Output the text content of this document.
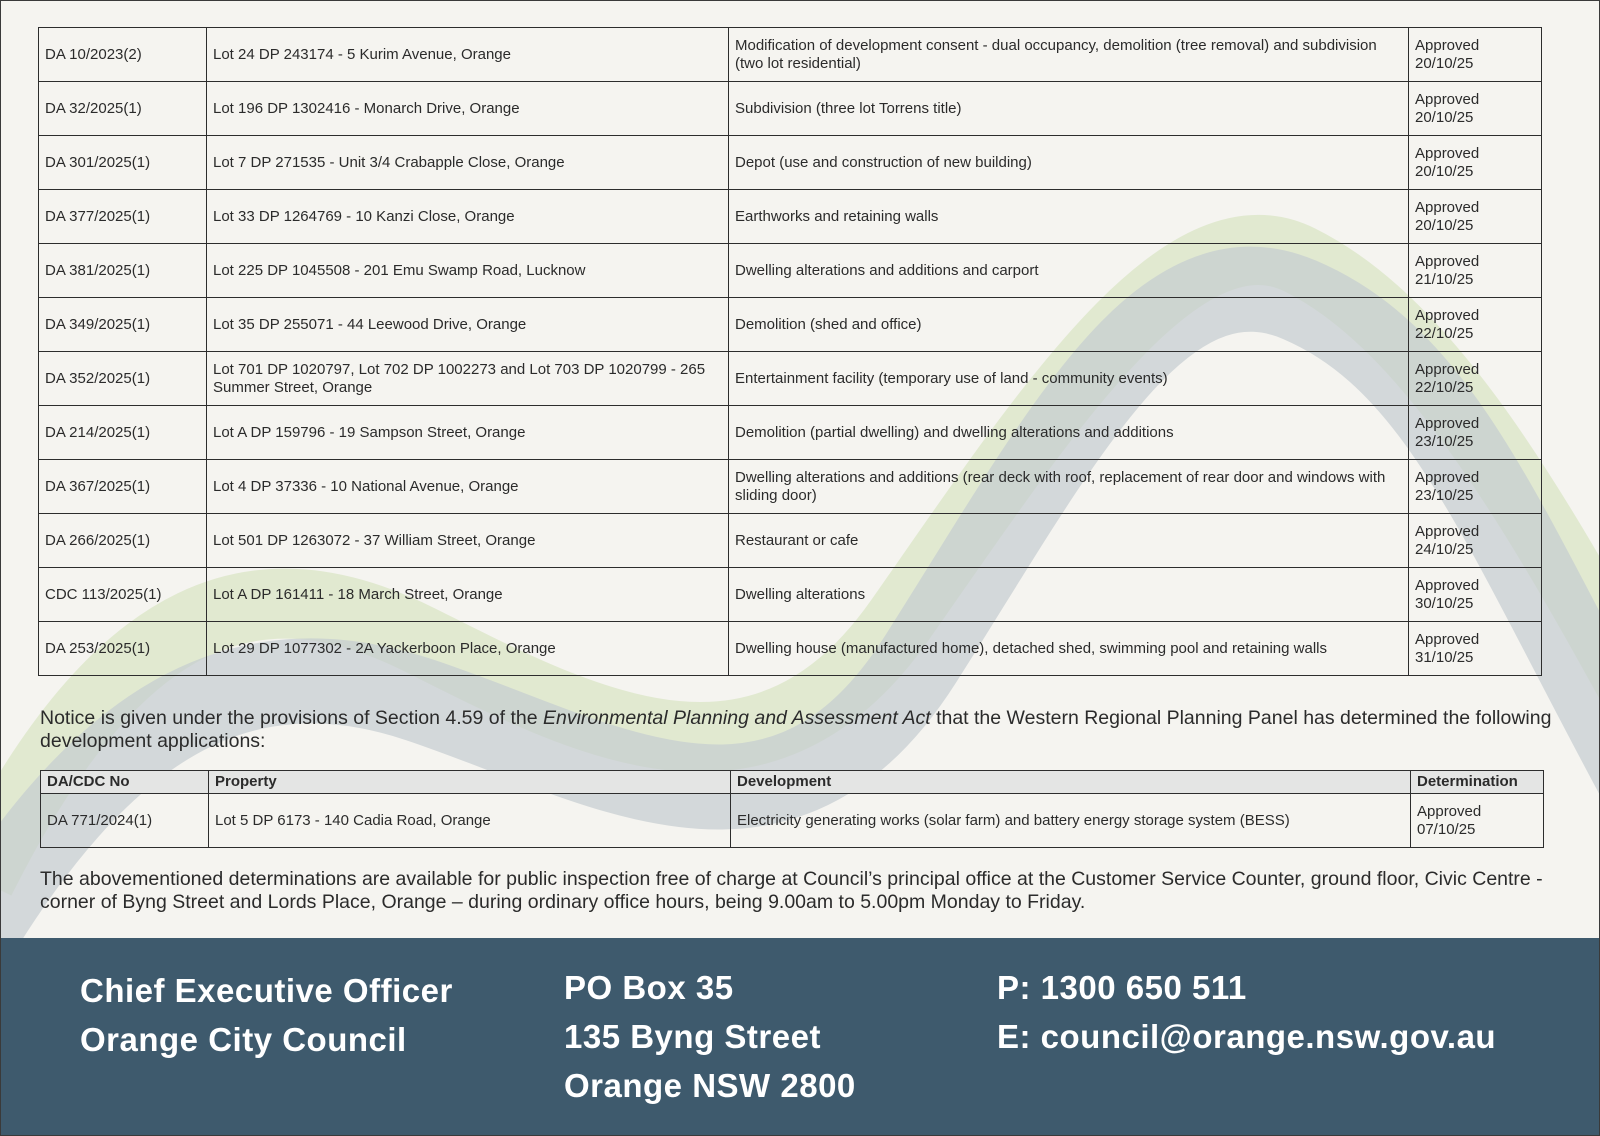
DA 10/2023(2)	Lot 24 DP 243174 - 5 Kurim Avenue, Orange	Modification of development consent - dual occupancy, demolition (tree removal) and subdivision (two lot residential)	Approved
20/10/25

DA 32/2025(1)	Lot 196 DP 1302416 - Monarch Drive, Orange	Subdivision (three lot Torrens title)	Approved
20/10/25

DA 301/2025(1)	Lot 7 DP 271535 - Unit 3/4 Crabapple Close, Orange	Depot (use and construction of new building)	Approved
20/10/25

DA 377/2025(1)	Lot 33 DP 1264769 - 10 Kanzi Close, Orange	Earthworks and retaining walls	Approved
20/10/25

DA 381/2025(1)	Lot 225 DP 1045508 - 201 Emu Swamp Road, Lucknow	Dwelling alterations and additions and carport	Approved
21/10/25

DA 349/2025(1)	Lot 35 DP 255071 - 44 Leewood Drive, Orange	Demolition (shed and office)	Approved
22/10/25

DA 352/2025(1)	Lot 701 DP 1020797, Lot 702 DP 1002273 and Lot 703 DP 1020799 - 265 Summer Street, Orange	Entertainment facility (temporary use of land - community events)	Approved
22/10/25

DA 214/2025(1)	Lot A DP 159796 - 19 Sampson Street, Orange	Demolition (partial dwelling) and dwelling alterations and additions	Approved
23/10/25

DA 367/2025(1)	Lot 4 DP 37336 - 10 National Avenue, Orange	Dwelling alterations and additions (rear deck with roof, replacement of rear door and windows with sliding door)	Approved
23/10/25

DA 266/2025(1)	Lot 501 DP 1263072 - 37 William Street, Orange	Restaurant or cafe	Approved
24/10/25

CDC 113/2025(1)	Lot A DP 161411 - 18 March Street, Orange	Dwelling alterations	Approved
30/10/25

DA 253/2025(1)	Lot 29 DP 1077302 - 2A Yackerboon Place, Orange	Dwelling house (manufactured home), detached shed, swimming pool and retaining walls	Approved
31/10/25
Notice is given under the provisions of Section 4.59 of the Environmental Planning and Assessment Act that the Western Regional Planning Panel has determined the following development applications:
DA/CDC No	Property	Development	Determination
DA 771/2024(1)	Lot 5 DP 6173 - 140 Cadia Road, Orange	Electricity generating works (solar farm) and battery energy storage system (BESS)	Approved
07/10/25
The abovementioned determinations are available for public inspection free of charge at Council’s principal office at the Customer Service Counter, ground floor, Civic Centre - corner of Byng Street and Lords Place, Orange – during ordinary office hours, being 9.00am to 5.00pm Monday to Friday.
Chief Executive Officer
Orange City Council
PO Box 35
135 Byng Street
Orange NSW 2800
P: 1300 650 511
E: council@orange.nsw.gov.au
